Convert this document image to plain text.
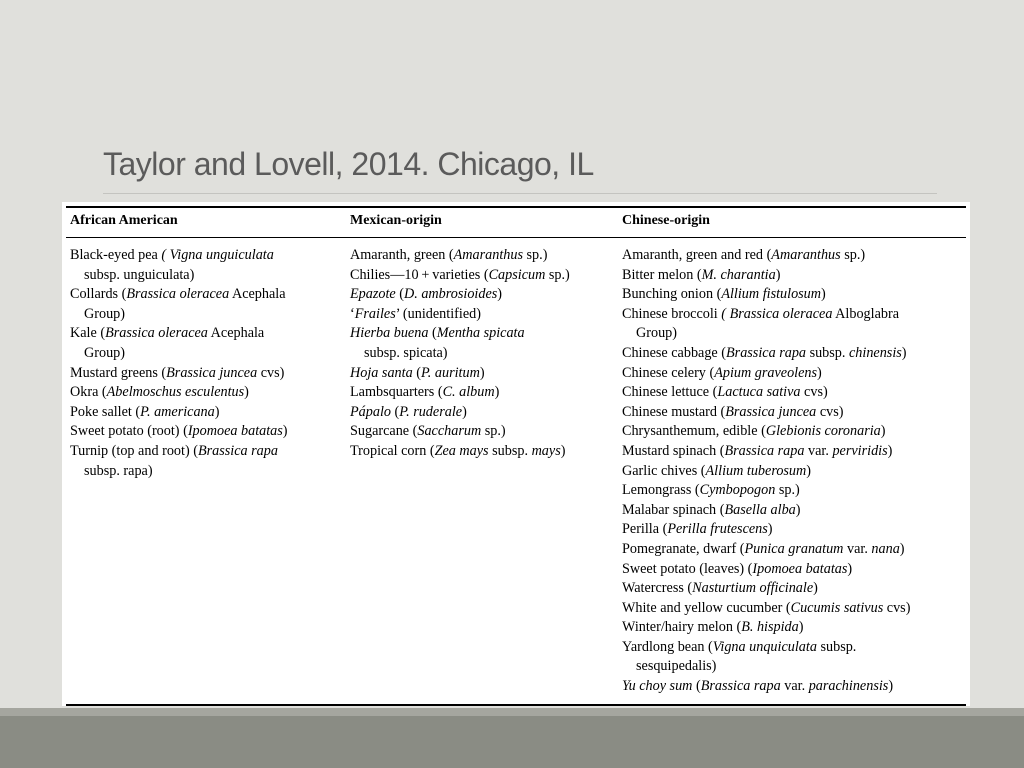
Taylor and Lovell, 2014. Chicago, IL
African American	Mexican-origin	Chinese-origin
Black-eyed pea ( Vigna unguiculata
subsp. unguiculata)
Collards (Brassica oleracea Acephala
Group)
Kale (Brassica oleracea Acephala
Group)
Mustard greens (Brassica juncea cvs)
Okra (Abelmoschus esculentus)
Poke sallet (P. americana)
Sweet potato (root) (Ipomoea batatas)
Turnip (top and root) (Brassica rapa
subsp. rapa)
Amaranth, green (Amaranthus sp.)
Chilies—10 + varieties (Capsicum sp.)
Epazote (D. ambrosioides)
‘Frailes’ (unidentified)
Hierba buena (Mentha spicata
subsp. spicata)
Hoja santa (P. auritum)
Lambsquarters (C. album)
Pápalo (P. ruderale)
Sugarcane (Saccharum sp.)
Tropical corn (Zea mays subsp. mays)
Amaranth, green and red (Amaranthus sp.)
Bitter melon (M. charantia)
Bunching onion (Allium fistulosum)
Chinese broccoli ( Brassica oleracea Alboglabra
Group)
Chinese cabbage (Brassica rapa subsp. chinensis)
Chinese celery (Apium graveolens)
Chinese lettuce (Lactuca sativa cvs)
Chinese mustard (Brassica juncea cvs)
Chrysanthemum, edible (Glebionis coronaria)
Mustard spinach (Brassica rapa var. perviridis)
Garlic chives (Allium tuberosum)
Lemongrass (Cymbopogon sp.)
Malabar spinach (Basella alba)
Perilla (Perilla frutescens)
Pomegranate, dwarf (Punica granatum var. nana)
Sweet potato (leaves) (Ipomoea batatas)
Watercress (Nasturtium officinale)
White and yellow cucumber (Cucumis sativus cvs)
Winter/hairy melon (B. hispida)
Yardlong bean (Vigna unquiculata subsp.
sesquipedalis)
Yu choy sum (Brassica rapa var. parachinensis)
